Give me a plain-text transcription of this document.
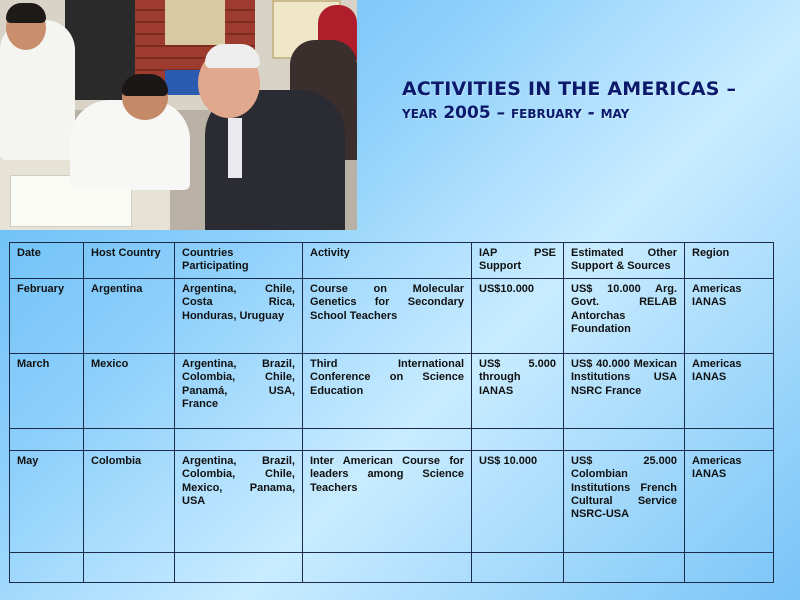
ACTIVITIES IN THE AMERICAS –
year 2005 – february - may
Date	Host Country	Countries Participating	Activity	IAP PSE Support	Estimated Other Support & Sources	Region
February	Argentina	Argentina, Chile, Costa Rica, Honduras, Uruguay	Course on Molecular Genetics for Secondary School Teachers	US$10.000	US$ 10.000 Arg. Govt. RELAB Antorchas Foundation	Americas IANAS
March	Mexico	Argentina, Brazil, Colombia, Chile, Panamá, USA, France	Third International Conference on Science Education	US$ 5.000 through IANAS	US$ 40.000 Mexican Institutions USA NSRC France	Americas IANAS

May	Colombia	Argentina, Brazil, Colombia, Chile, Mexico, Panama, USA	Inter American Course for leaders among Science Teachers	US$ 10.000	US$ 25.000 Colombian Institutions French Cultural Service NSRC-USA	Americas IANAS
